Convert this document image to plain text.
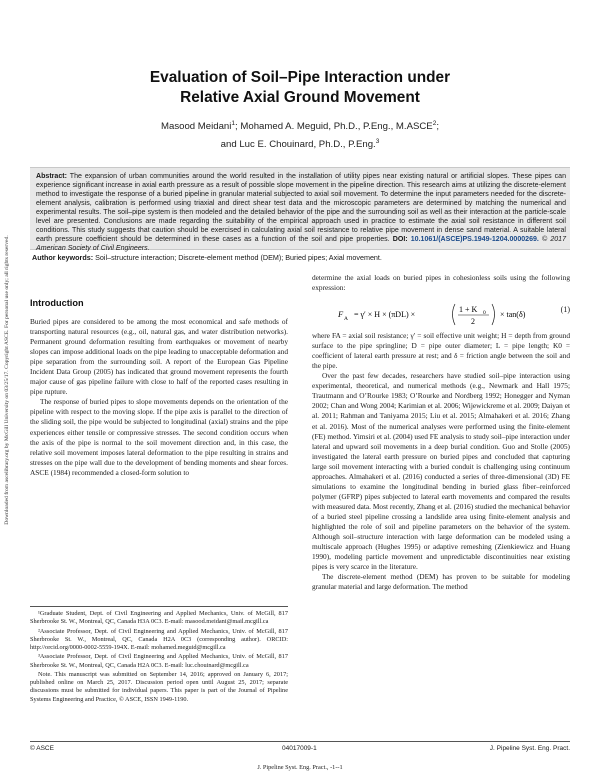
Downloaded from ascelibrary.org by McGill University on 03/25/17. Copyright ASCE. For personal use only; all rights reserved.
Evaluation of Soil–Pipe Interaction under
Relative Axial Ground Movement
Masood Meidani$^1$; Mohamed A. Meguid, Ph.D., P.Eng., M.ASCE$^2$;
and Luc E. Chouinard, Ph.D., P.Eng.$^3$

Abstract: The expansion of urban communities around the world resulted in the installation of utility pipes near existing natural or artificial slopes. These pipes can experience significant increase in axial earth pressure as a result of possible slope movement in the pipeline direction. This research aims at utilizing the discrete-element method to investigate the response of a buried pipeline in granular material subjected to axial soil movement. To determine the input parameters needed for the discrete-element analysis, calibration is performed using triaxial and direct shear test data and the microscopic parameters are determined by matching the numerical and experimental results. The soil–pipe system is then modeled and the detailed behavior of the pipe and the surrounding soil as well as their interaction at the particle-scale level are presented. Conclusions are made regarding the suitability of the empirical approach used in practice to estimate the axial soil resistance in different soil conditions. This study suggests that caution should be exercised in calculating axial soil resistance to relative pipe movement in dense sand material. A suitable lateral earth pressure coefficient should be determined in these cases as a function of the soil and pipe properties. DOI: 10.1061/(ASCE)PS.1949-1204.0000269. © 2017 American Society of Civil Engineers.

Author keywords: Soil–structure interaction; Discrete-element method (DEM); Buried pipes; Axial movement.
Introduction

Buried pipes are considered to be among the most economical and safe methods of transporting natural resources (e.g., oil, natural gas, and water distribution networks). Permanent ground deformation resulting from earthquakes or movement of nearby slopes can impose additional loads on the pipe leading to unacceptable deformation and pipe separation from the surrounding soil. A report of the European Gas Pipeline Incident Data Group (2005) has indicated that ground movement represents the fourth major cause of gas pipeline failure with close to half of the reported cases resulting in pipe rupture.

The response of buried pipes to slope movements depends on the orientation of the pipeline with respect to the moving slope. If the pipe axis is parallel to the direction of the sliding soil, the pipe would be subjected to longitudinal (axial) strains and the pipe experiences either tensile or compressive stresses. The second condition occurs when the axis of the pipe is normal to the soil movement direction and, in this case, the relative soil movement imposes lateral deformation to the pipe resulting in strains and stresses on the pipe wall due to the development of bending moments and shear forces. ASCE (1984) recommended a closed-form solution to

determine the axial loads on buried pipes in cohesionless soils using the following expression:

F A = γ′ × H × (πDL) ×
1 + K 0
2
× tan(δ)
(1)

where FA = axial soil resistance; γ′ = soil effective unit weight; H = depth from ground surface to the pipe springline; D = pipe outer diameter; L = pipe length; K0 = coefficient of lateral earth pressure at rest; and δ = friction angle between the soil and the pipe.

Over the past few decades, researchers have studied soil–pipe interaction using experimental, theoretical, and numerical methods (e.g., Newmark and Hall 1975; Trautmann and O’Rourke 1983; O’Rourke and Nordberg 1992; Honegger and Nyman 2002; Chan and Wong 2004; Karimian et al. 2006; Wijewickreme et al. 2009; Daiyan et al. 2011; Rahman and Taniyama 2015; Liu et al. 2015; Almahakeri et al. 2016; Zhang et al. 2016). Most of the numerical analyses were performed using the finite-element (FE) method. Yimsiri et al. (2004) used FE analysis to study soil–pipe interaction under lateral and upward soil movements in a deep burial condition. Guo and Stolle (2005) investigated the lateral earth pressure on buried pipes and concluded that capturing large soil movement interacting with a buried conduit is challenging using continuum approaches. Almahakeri et al. (2016) conducted a series of three-dimensional (3D) FE simulations to examine the longitudinal bending in buried glass fiber–reinforced polymer (GFRP) pipes subjected to lateral earth movements and compared the results with measured data. Most recently, Zhang et al. (2016) studied the mechanical behavior of a buried steel pipeline crossing a landslide area using finite-element analysis and highlighted the role of soil and pipeline parameters on the behavior of the system. Although soil–structure interaction with large deformation can be modeled using a multiscale approach (Hughes 1995) or adaptive remeshing (Zienkiewicz and Huang 1990), modeling particle movement and unpredictable discontinuities near existing pipes is very scarce in the literature.

The discrete-element method (DEM) has proven to be suitable for modeling granular material and large deformation. The method

¹Graduate Student, Dept. of Civil Engineering and Applied Mechanics, Univ. of McGill, 817 Sherbrooke St. W., Montreal, QC, Canada H3A 0C3. E-mail: masood.meidani@mail.mcgill.ca

²Associate Professor, Dept. of Civil Engineering and Applied Mechanics, Univ. of McGill, 817 Sherbrooke St. W., Montreal, QC, Canada H2A 0C3 (corresponding author). ORCID: http://orcid.org/0000-0002-5559-194X. E-mail: mohamed.meguid@mcgill.ca

³Associate Professor, Dept. of Civil Engineering and Applied Mechanics, Univ. of McGill, 817 Sherbrooke St. W., Montreal, QC, Canada H2A 0C3. E-mail: luc.chouinard@mcgill.ca

Note. This manuscript was submitted on September 14, 2016; approved on January 6, 2017; published online on March 25, 2017. Discussion period open until August 25, 2017; separate discussions must be submitted for individual papers. This paper is part of the Journal of Pipeline Systems Engineering and Practice, © ASCE, ISSN 1949-1190.

© ASCE	04017009-1	J. Pipeline Syst. Eng. Pract.
J. Pipeline Syst. Eng. Pract., -1--1
